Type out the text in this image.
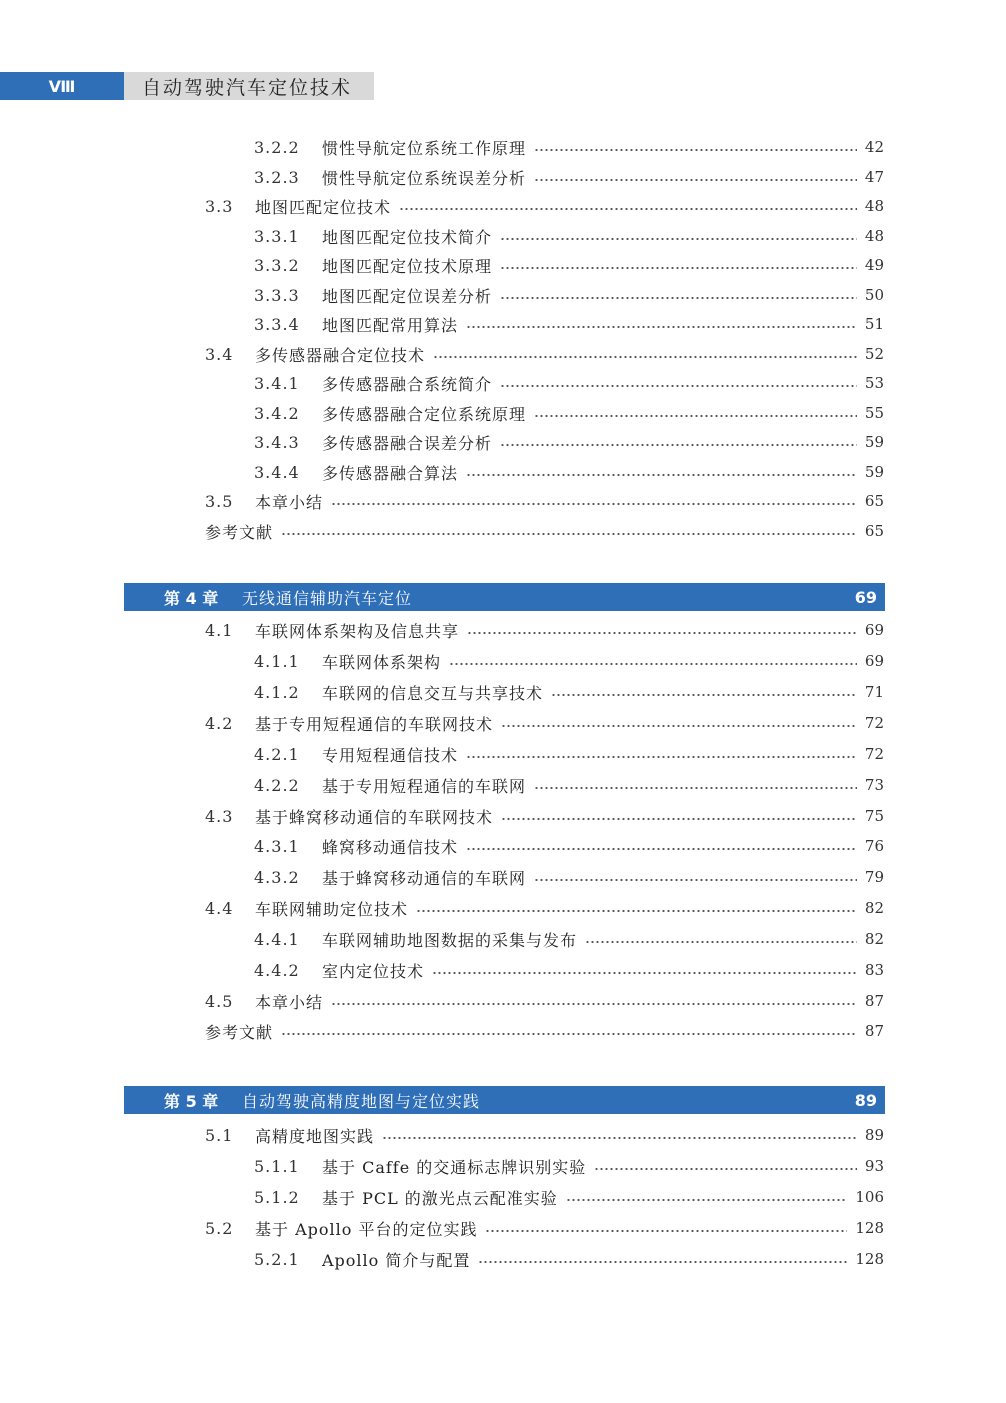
Ⅷ	自动驾驶汽车定位技术
3.2.2	惯性导航定位系统工作原理	42
3.2.3	惯性导航定位系统误差分析	47
3.3	地图匹配定位技术	48
3.3.1	地图匹配定位技术简介	48
3.3.2	地图匹配定位技术原理	49
3.3.3	地图匹配定位误差分析	50
3.3.4	地图匹配常用算法	51
3.4	多传感器融合定位技术	52
3.4.1	多传感器融合系统简介	53
3.4.2	多传感器融合定位系统原理	55
3.4.3	多传感器融合误差分析	59
3.4.4	多传感器融合算法	59
3.5	本章小结	65
参考文献	65
第 4 章	无线通信辅助汽车定位	69
4.1	车联网体系架构及信息共享	69
4.1.1	车联网体系架构	69
4.1.2	车联网的信息交互与共享技术	71
4.2	基于专用短程通信的车联网技术	72
4.2.1	专用短程通信技术	72
4.2.2	基于专用短程通信的车联网	73
4.3	基于蜂窝移动通信的车联网技术	75
4.3.1	蜂窝移动通信技术	76
4.3.2	基于蜂窝移动通信的车联网	79
4.4	车联网辅助定位技术	82
4.4.1	车联网辅助地图数据的采集与发布	82
4.4.2	室内定位技术	83
4.5	本章小结	87
参考文献	87
第 5 章	自动驾驶高精度地图与定位实践	89
5.1	高精度地图实践	89
5.1.1	基于 Caffe 的交通标志牌识别实验	93
5.1.2	基于 PCL 的激光点云配准实验	106
5.2	基于 Apollo 平台的定位实践	128
5.2.1	Apollo 简介与配置	128
